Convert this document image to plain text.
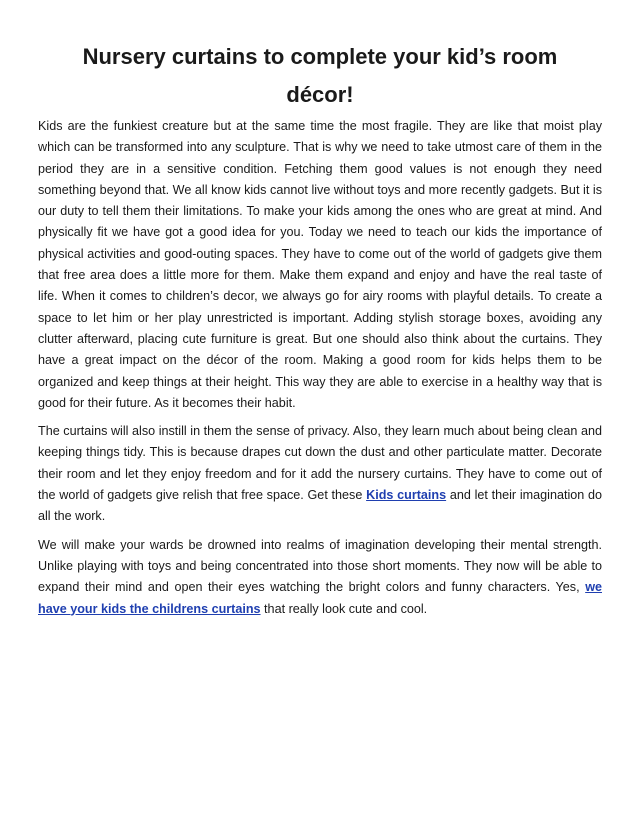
Nursery curtains to complete your kid’s room décor!

Kids are the funkiest creature but at the same time the most fragile. They are like that moist play which can be transformed into any sculpture. That is why we need to take utmost care of them in the period they are in a sensitive condition. Fetching them good values is not enough they need something beyond that. We all know kids cannot live without toys and more recently gadgets. But it is our duty to tell them their limitations. To make your kids among the ones who are great at mind. And physically fit we have got a good idea for you. Today we need to teach our kids the importance of physical activities and good-outing spaces. They have to come out of the world of gadgets give them that free area does a little more for them. Make them expand and enjoy and have the real taste of life. When it comes to children’s decor, we always go for airy rooms with playful details. To create a space to let him or her play unrestricted is important. Adding stylish storage boxes, avoiding any clutter afterward, placing cute furniture is great. But one should also think about the curtains. They have a great impact on the décor of the room. Making a good room for kids helps them to be organized and keep things at their height. This way they are able to exercise in a healthy way that is good for their future. As it becomes their habit.

The curtains will also instill in them the sense of privacy. Also, they learn much about being clean and keeping things tidy. This is because drapes cut down the dust and other particulate matter. Decorate their room and let they enjoy freedom and for it add the nursery curtains. They have to come out of the world of gadgets give relish that free space. Get these Kids curtains and let their imagination do all the work.

We will make your wards be drowned into realms of imagination developing their mental strength. Unlike playing with toys and being concentrated into those short moments. They now will be able to expand their mind and open their eyes watching the bright colors and funny characters. Yes, we have your kids the childrens curtains that really look cute and cool.
